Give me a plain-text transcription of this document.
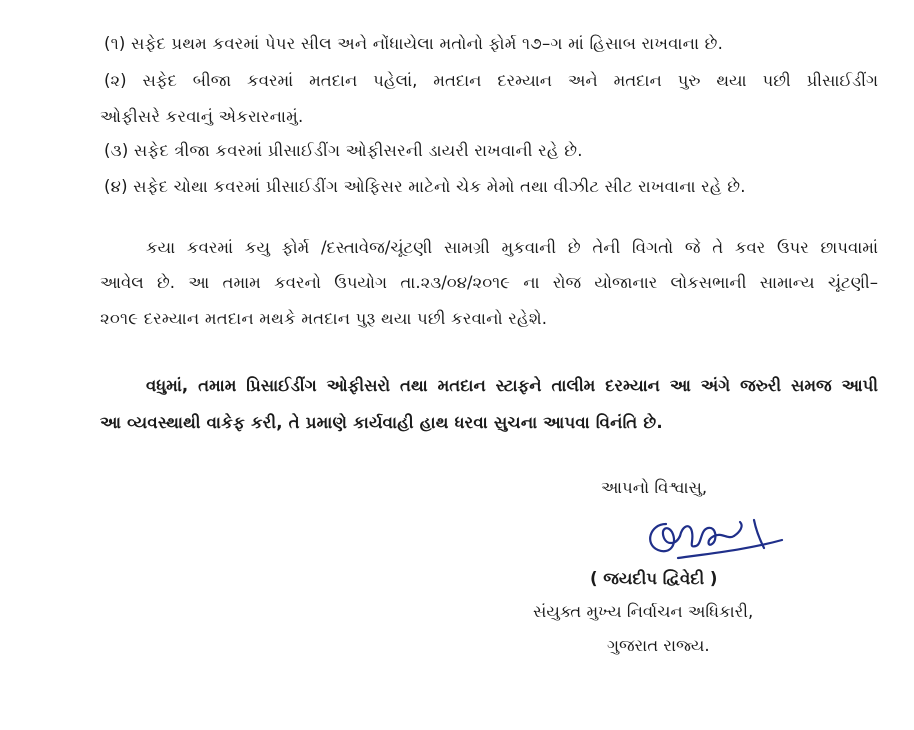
(૧) સફેદ પ્રથમ કવરમાં પેપર સીલ અને નોંધાયેલા મતોનો ફોર્મ ૧૭–ગ માં હિસાબ રાખવાના છે.
(૨) સફેદ બીજા કવરમાં મતદાન પહેલાં, મતદાન દરમ્યાન અને મતદાન પુરુ થયા પછી પ્રીસાઈડીંગ
ઓફીસરે કરવાનું એકરારનામું.
(૩) સફેદ ત્રીજા કવરમાં પ્રીસાઈડીંગ ઓફીસરની ડાયરી રાખવાની રહે છે.
(૪) સફેદ ચોથા કવરમાં પ્રીસાઈડીંગ ઓફિસર માટેનો ચેક મેમો તથા વીઝીટ સીટ રાખવાના રહે છે.
કયા કવરમાં કયુ ફોર્મ /દસ્તાવેજ/ચૂંટણી સામગ્રી મુકવાની છે તેની વિગતો જે તે કવર ઉપર છાપવામાં
આવેલ છે. આ તમામ કવરનો ઉપયોગ તા.૨૩/૦૪/૨૦૧૯ ના રોજ યોજાનાર લોકસભાની સામાન્ય ચૂંટણી–
૨૦૧૯ દરમ્યાન મતદાન મથકે મતદાન પુરૂ થયા પછી કરવાનો રહેશે.
વધુમાં, તમામ પ્રિસાઈડીંગ ઓફીસરો તથા મતદાન સ્ટાફને તાલીમ દરમ્યાન આ અંગે જરુરી સમજ આપી
આ વ્યવસ્થાથી વાકેફ કરી, તે પ્રમાણે કાર્યવાહી હાથ ધરવા સુચના આપવા વિનંતિ છે.
આપનો વિશ્વાસુ,
( જયદીપ દ્વિવેદી )
સંયુક્ત મુખ્ય નિર્વાચન અધિકારી,
ગુજરાત રાજ્ય.
